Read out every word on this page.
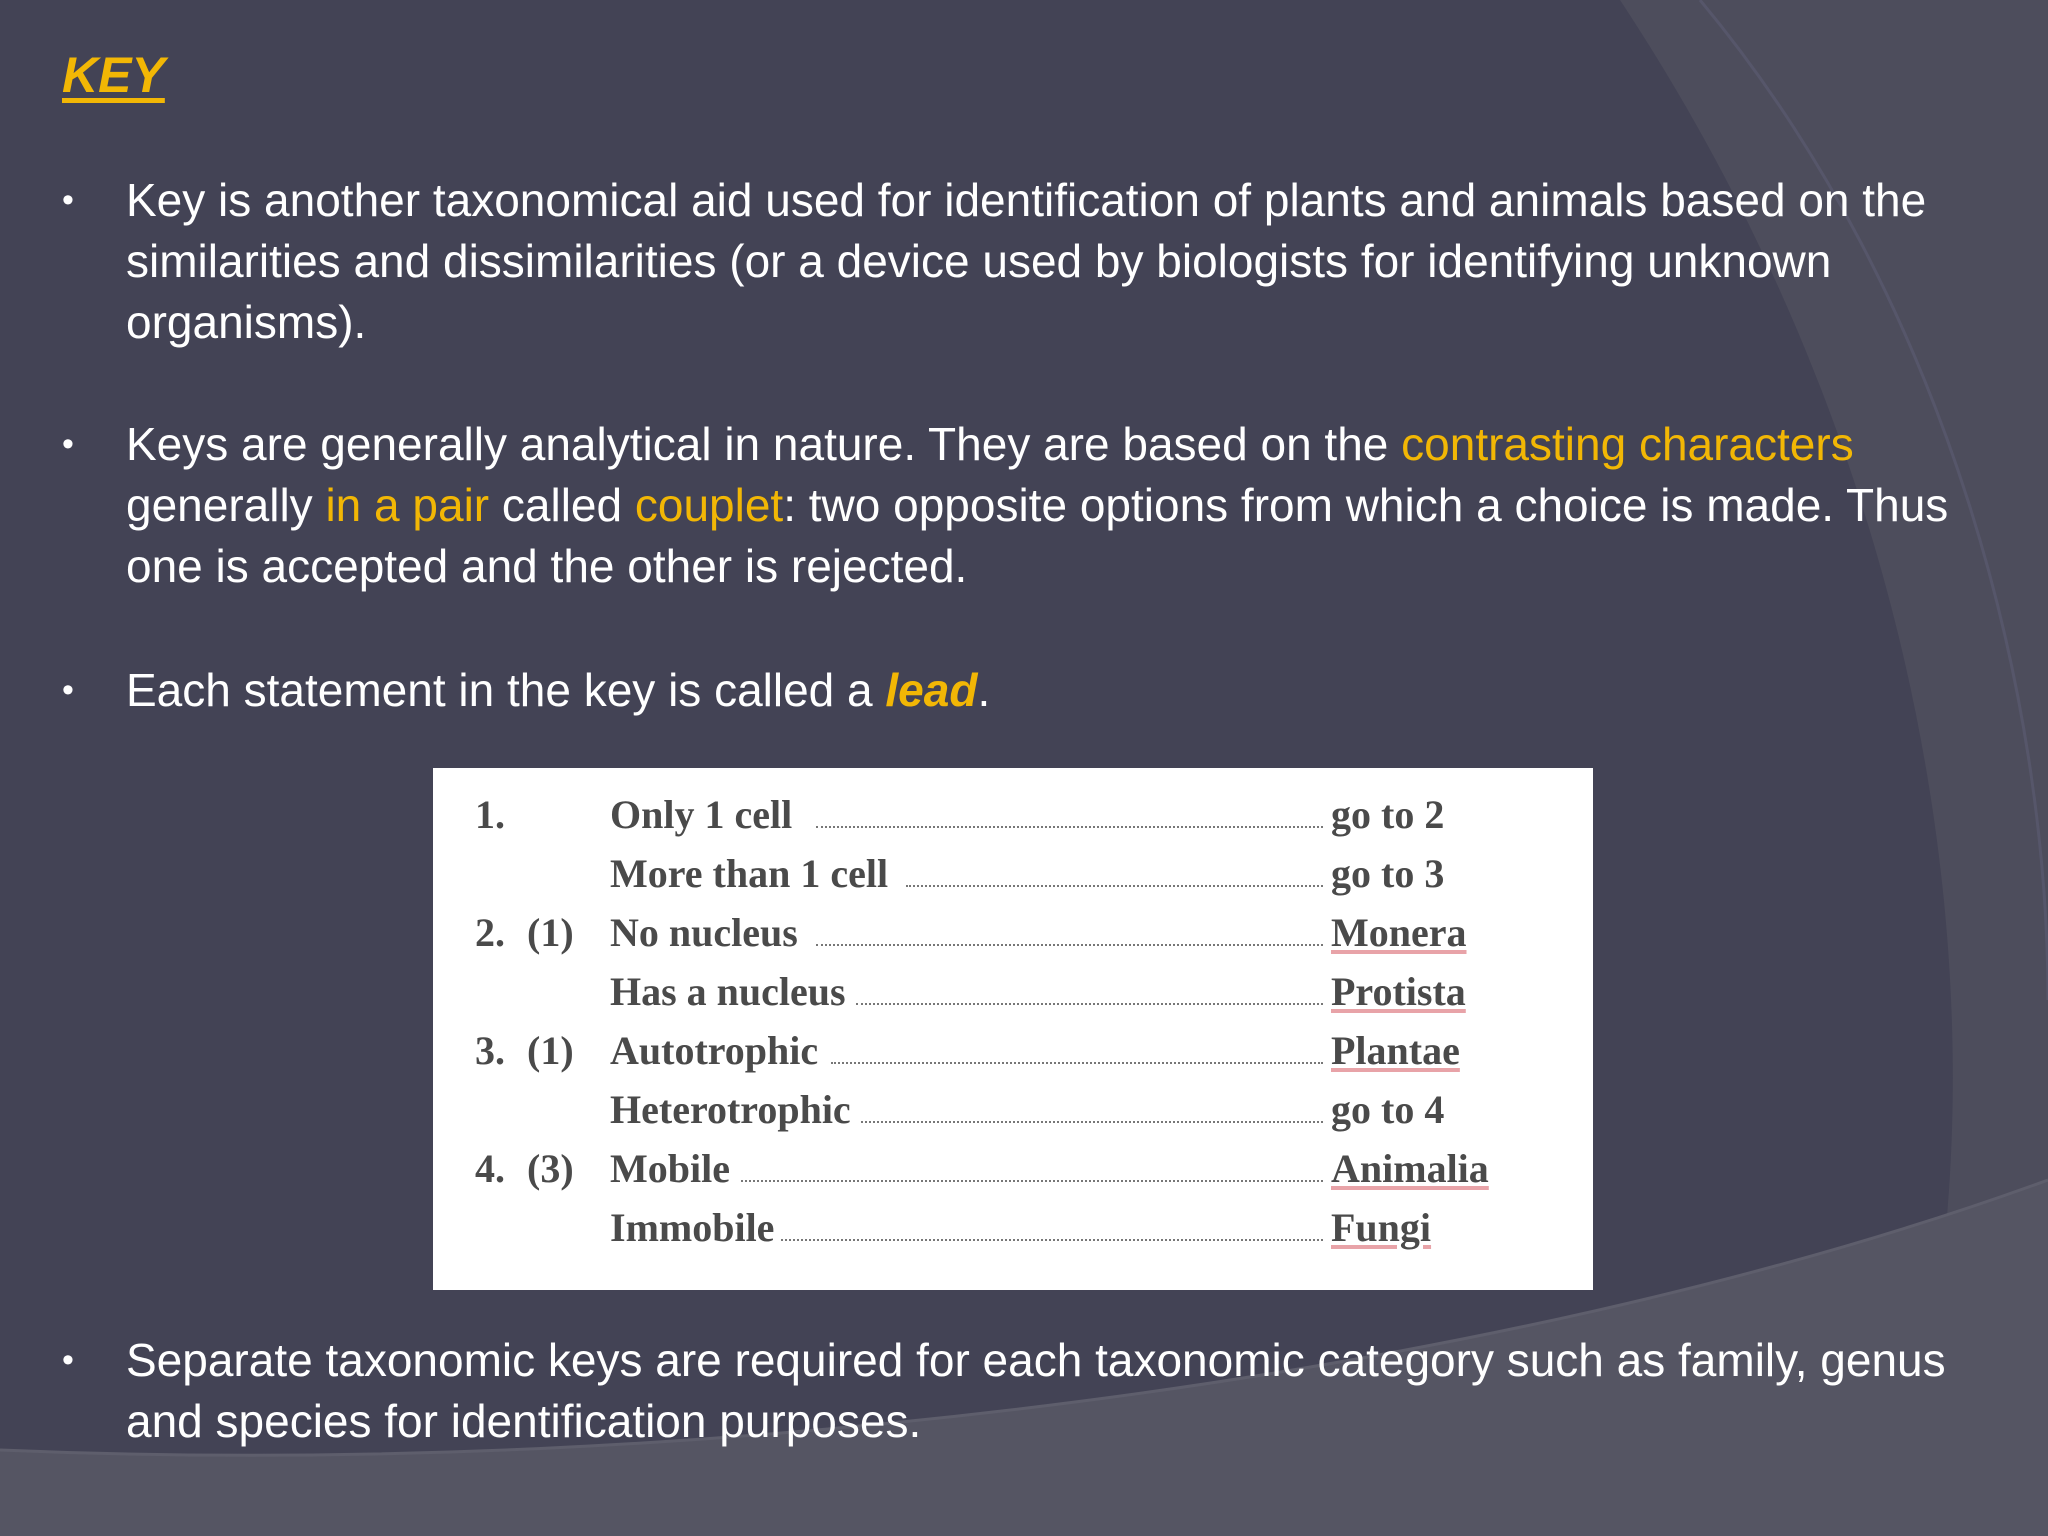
KEY
• Key is another taxonomical aid used for identification of plants and animals based on the similarities and dissimilarities (or a device used by biologists for identifying unknown organisms).
• Keys are generally analytical in nature. They are based on the contrasting characters generally in a pair called couplet: two opposite options from which a choice is made. Thus one is accepted and the other is rejected.
• Each statement in the key is called a lead.
1.	Only 1 cell	go to 2
More than 1 cell	go to 3
2. (1) No nucleus	Monera
Has a nucleus	Protista
3. (1) Autotrophic	Plantae
Heterotrophic	go to 4
4. (3) Mobile	Animalia
Immobile	Fungi
• Separate taxonomic keys are required for each taxonomic category such as family, genus and species for identification purposes.
